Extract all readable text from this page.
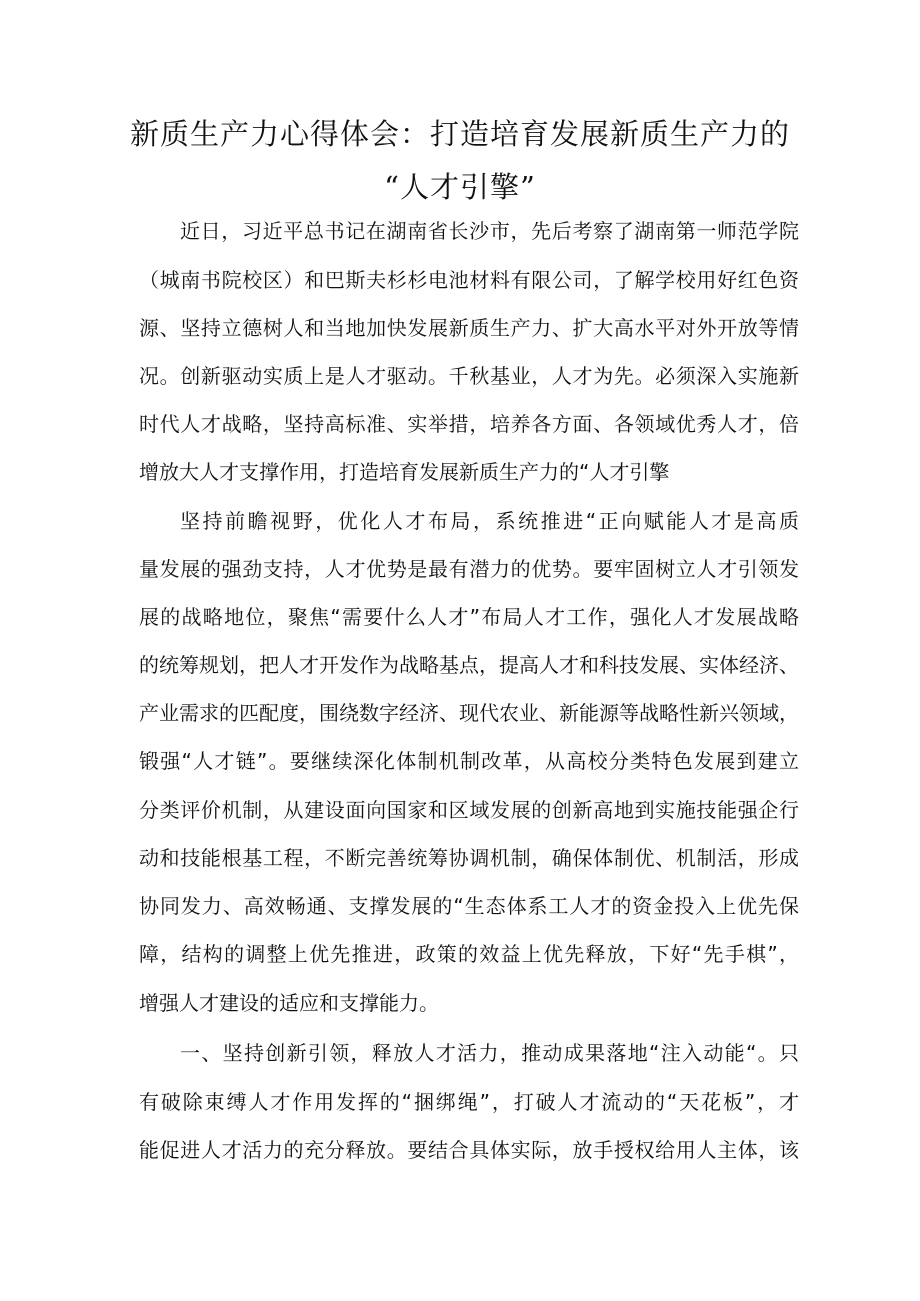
新质生产力心得体会：打造培育发展新质生产力的
“人才引擎”
近日，习近平总书记在湖南省长沙市，先后考察了湖南第一师范学院
（城南书院校区）和巴斯夫杉杉电池材料有限公司，了解学校用好红色资
源、坚持立德树人和当地加快发展新质生产力、扩大高水平对外开放等情
况。创新驱动实质上是人才驱动。千秋基业，人才为先。必须深入实施新
时代人才战略，坚持高标准、实举措，培养各方面、各领域优秀人才，倍
增放大人才支撑作用，打造培育发展新质生产力的“人才引擎
坚持前瞻视野，优化人才布局，系统推进“正向赋能人才是高质
量发展的强劲支持，人才优势是最有潜力的优势。要牢固树立人才引领发
展的战略地位，聚焦“需要什么人才”布局人才工作，强化人才发展战略
的统筹规划，把人才开发作为战略基点，提高人才和科技发展、实体经济、
产业需求的匹配度，围绕数字经济、现代农业、新能源等战略性新兴领域，
锻强“人才链”。要继续深化体制机制改革，从高校分类特色发展到建立
分类评价机制，从建设面向国家和区域发展的创新高地到实施技能强企行
动和技能根基工程，不断完善统筹协调机制，确保体制优、机制活，形成
协同发力、高效畅通、支撑发展的“生态体系工人才的资金投入上优先保
障，结构的调整上优先推进，政策的效益上优先释放，下好“先手棋”，
增强人才建设的适应和支撑能力。
一、坚持创新引领，释放人才活力，推动成果落地“注入动能“。只
有破除束缚人才作用发挥的“捆绑绳”，打破人才流动的“天花板”，才
能促进人才活力的充分释放。要结合具体实际，放手授权给用人主体，该
